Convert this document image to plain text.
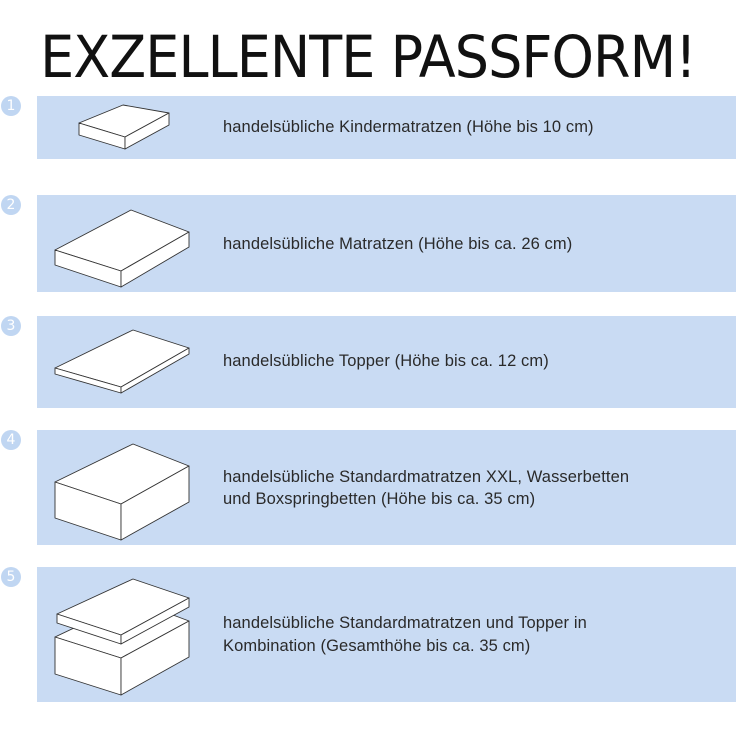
EXZELLENTE PASSFORM!
1
handelsübliche Kindermatratzen (Höhe bis 10 cm)
2
handelsübliche Matratzen (Höhe bis ca. 26 cm)
3
handelsübliche Topper (Höhe bis ca. 12 cm)
4
handelsübliche Standardmatratzen XXL, Wasserbetten
und Boxspringbetten (Höhe bis ca. 35 cm)
5
handelsübliche Standardmatratzen und Topper in
Kombination (Gesamthöhe bis ca. 35 cm)
